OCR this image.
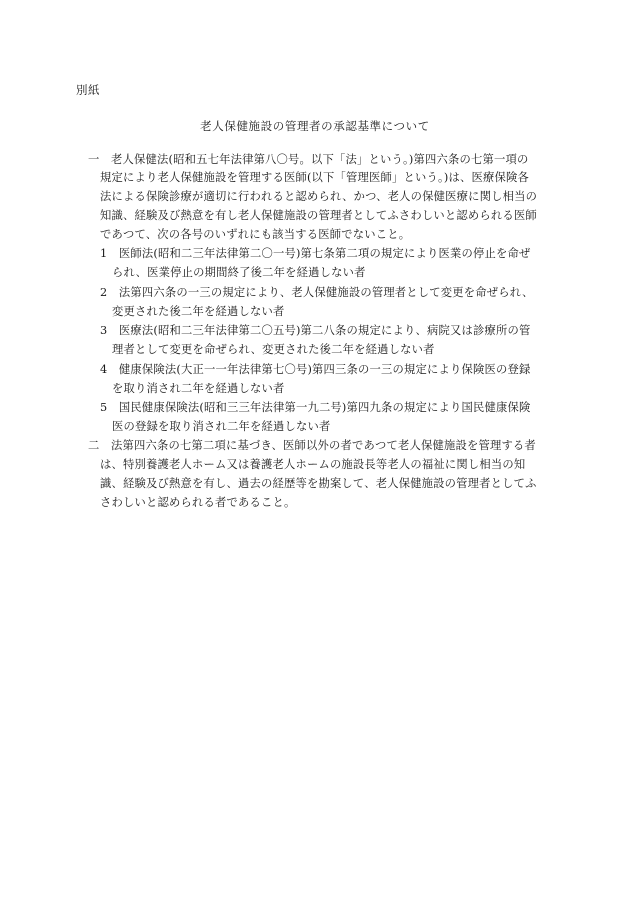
別紙
老人保健施設の管理者の承認基準について
一　老人保健法(昭和五七年法律第八〇号。以下「法」という。)第四六条の七第一項の
規定により老人保健施設を管理する医師(以下「管理医師」という。)は、医療保険各
法による保険診療が適切に行われると認められ、かつ、老人の保健医療に関し相当の
知識、経験及び熱意を有し老人保健施設の管理者としてふさわしいと認められる医師
であつて、次の各号のいずれにも該当する医師でないこと。
1　医師法(昭和二三年法律第二〇一号)第七条第二項の規定により医業の停止を命ぜ
られ、医業停止の期間終了後二年を経過しない者
2　法第四六条の一三の規定により、老人保健施設の管理者として変更を命ぜられ、
変更された後二年を経過しない者
3　医療法(昭和二三年法律第二〇五号)第二八条の規定により、病院又は診療所の管
理者として変更を命ぜられ、変更された後二年を経過しない者
4　健康保険法(大正一一年法律第七〇号)第四三条の一三の規定により保険医の登録
を取り消され二年を経過しない者
5　国民健康保険法(昭和三三年法律第一九二号)第四九条の規定により国民健康保険
医の登録を取り消され二年を経過しない者
二　法第四六条の七第二項に基づき、医師以外の者であつて老人保健施設を管理する者
は、特別養護老人ホーム又は養護老人ホームの施設長等老人の福祉に関し相当の知
識、経験及び熱意を有し、過去の経歴等を勘案して、老人保健施設の管理者としてふ
さわしいと認められる者であること。
